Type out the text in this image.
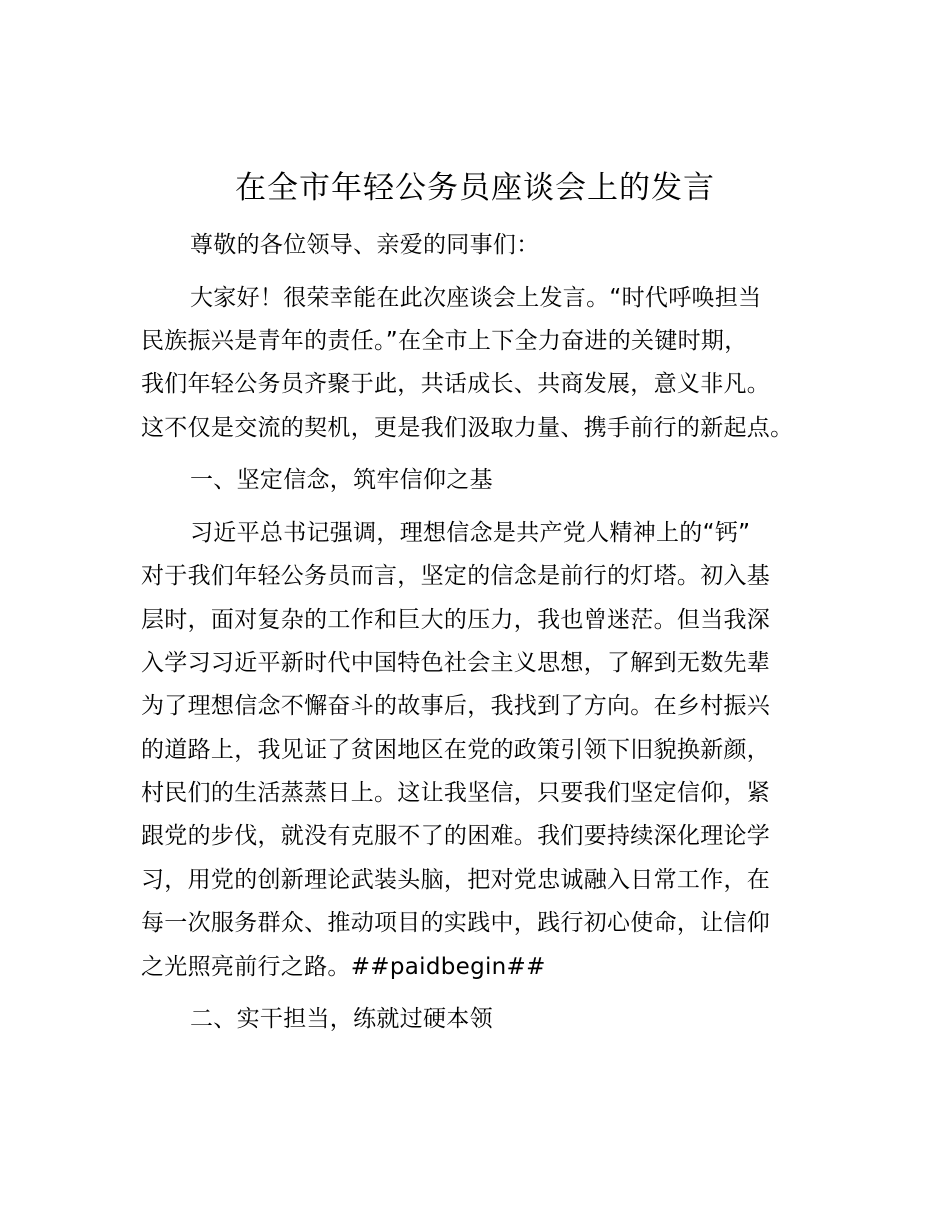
在全市年轻公务员座谈会上的发言
尊敬的各位领导、亲爱的同事们：
大家好！很荣幸能在此次座谈会上发言。“时代呼唤担当
民族振兴是青年的责任。”在全市上下全力奋进的关键时期，
我们年轻公务员齐聚于此，共话成长、共商发展，意义非凡。
这不仅是交流的契机，更是我们汲取力量、携手前行的新起点。
一、坚定信念，筑牢信仰之基
习近平总书记强调，理想信念是共产党人精神上的“钙”
对于我们年轻公务员而言，坚定的信念是前行的灯塔。初入基
层时，面对复杂的工作和巨大的压力，我也曾迷茫。但当我深
入学习习近平新时代中国特色社会主义思想，了解到无数先辈
为了理想信念不懈奋斗的故事后，我找到了方向。在乡村振兴
的道路上，我见证了贫困地区在党的政策引领下旧貌换新颜，
村民们的生活蒸蒸日上。这让我坚信，只要我们坚定信仰，紧
跟党的步伐，就没有克服不了的困难。我们要持续深化理论学
习，用党的创新理论武装头脑，把对党忠诚融入日常工作，在
每一次服务群众、推动项目的实践中，践行初心使命，让信仰
之光照亮前行之路。##paidbegin##
二、实干担当，练就过硬本领
